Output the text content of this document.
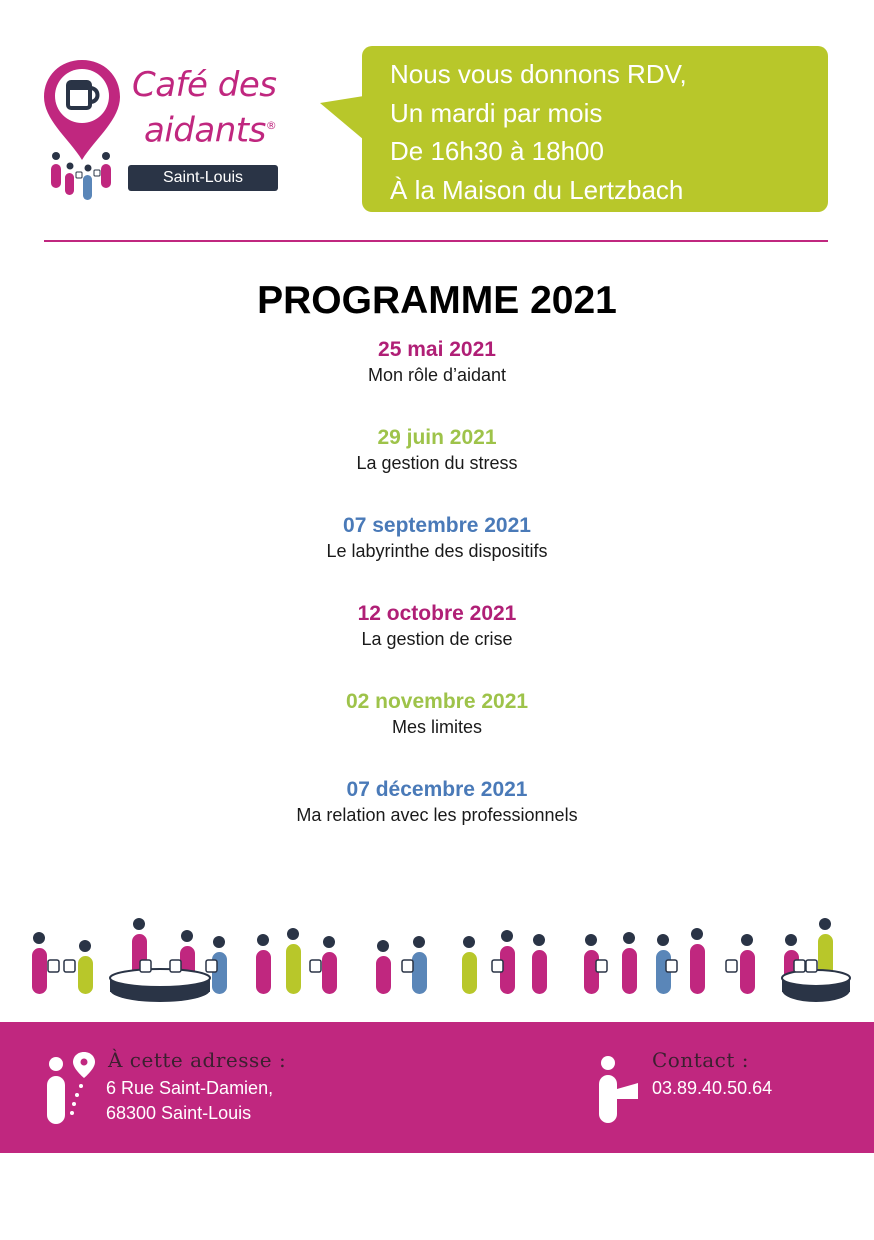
Café des
aidants®
Saint-Louis
Nous vous donnons RDV,
Un mardi par mois
De 16h30 à 18h00
À la Maison du Lertzbach
PROGRAMME 2021
25 mai 2021
Mon rôle d’aidant
29 juin 2021
La gestion du stress
07 septembre 2021
Le labyrinthe des dispositifs
12 octobre 2021
La gestion de crise
02 novembre 2021
Mes limites
07 décembre 2021
Ma relation avec les professionnels
À cette adresse :
6 Rue Saint-Damien,
68300 Saint-Louis
Contact :
03.89.40.50.64
